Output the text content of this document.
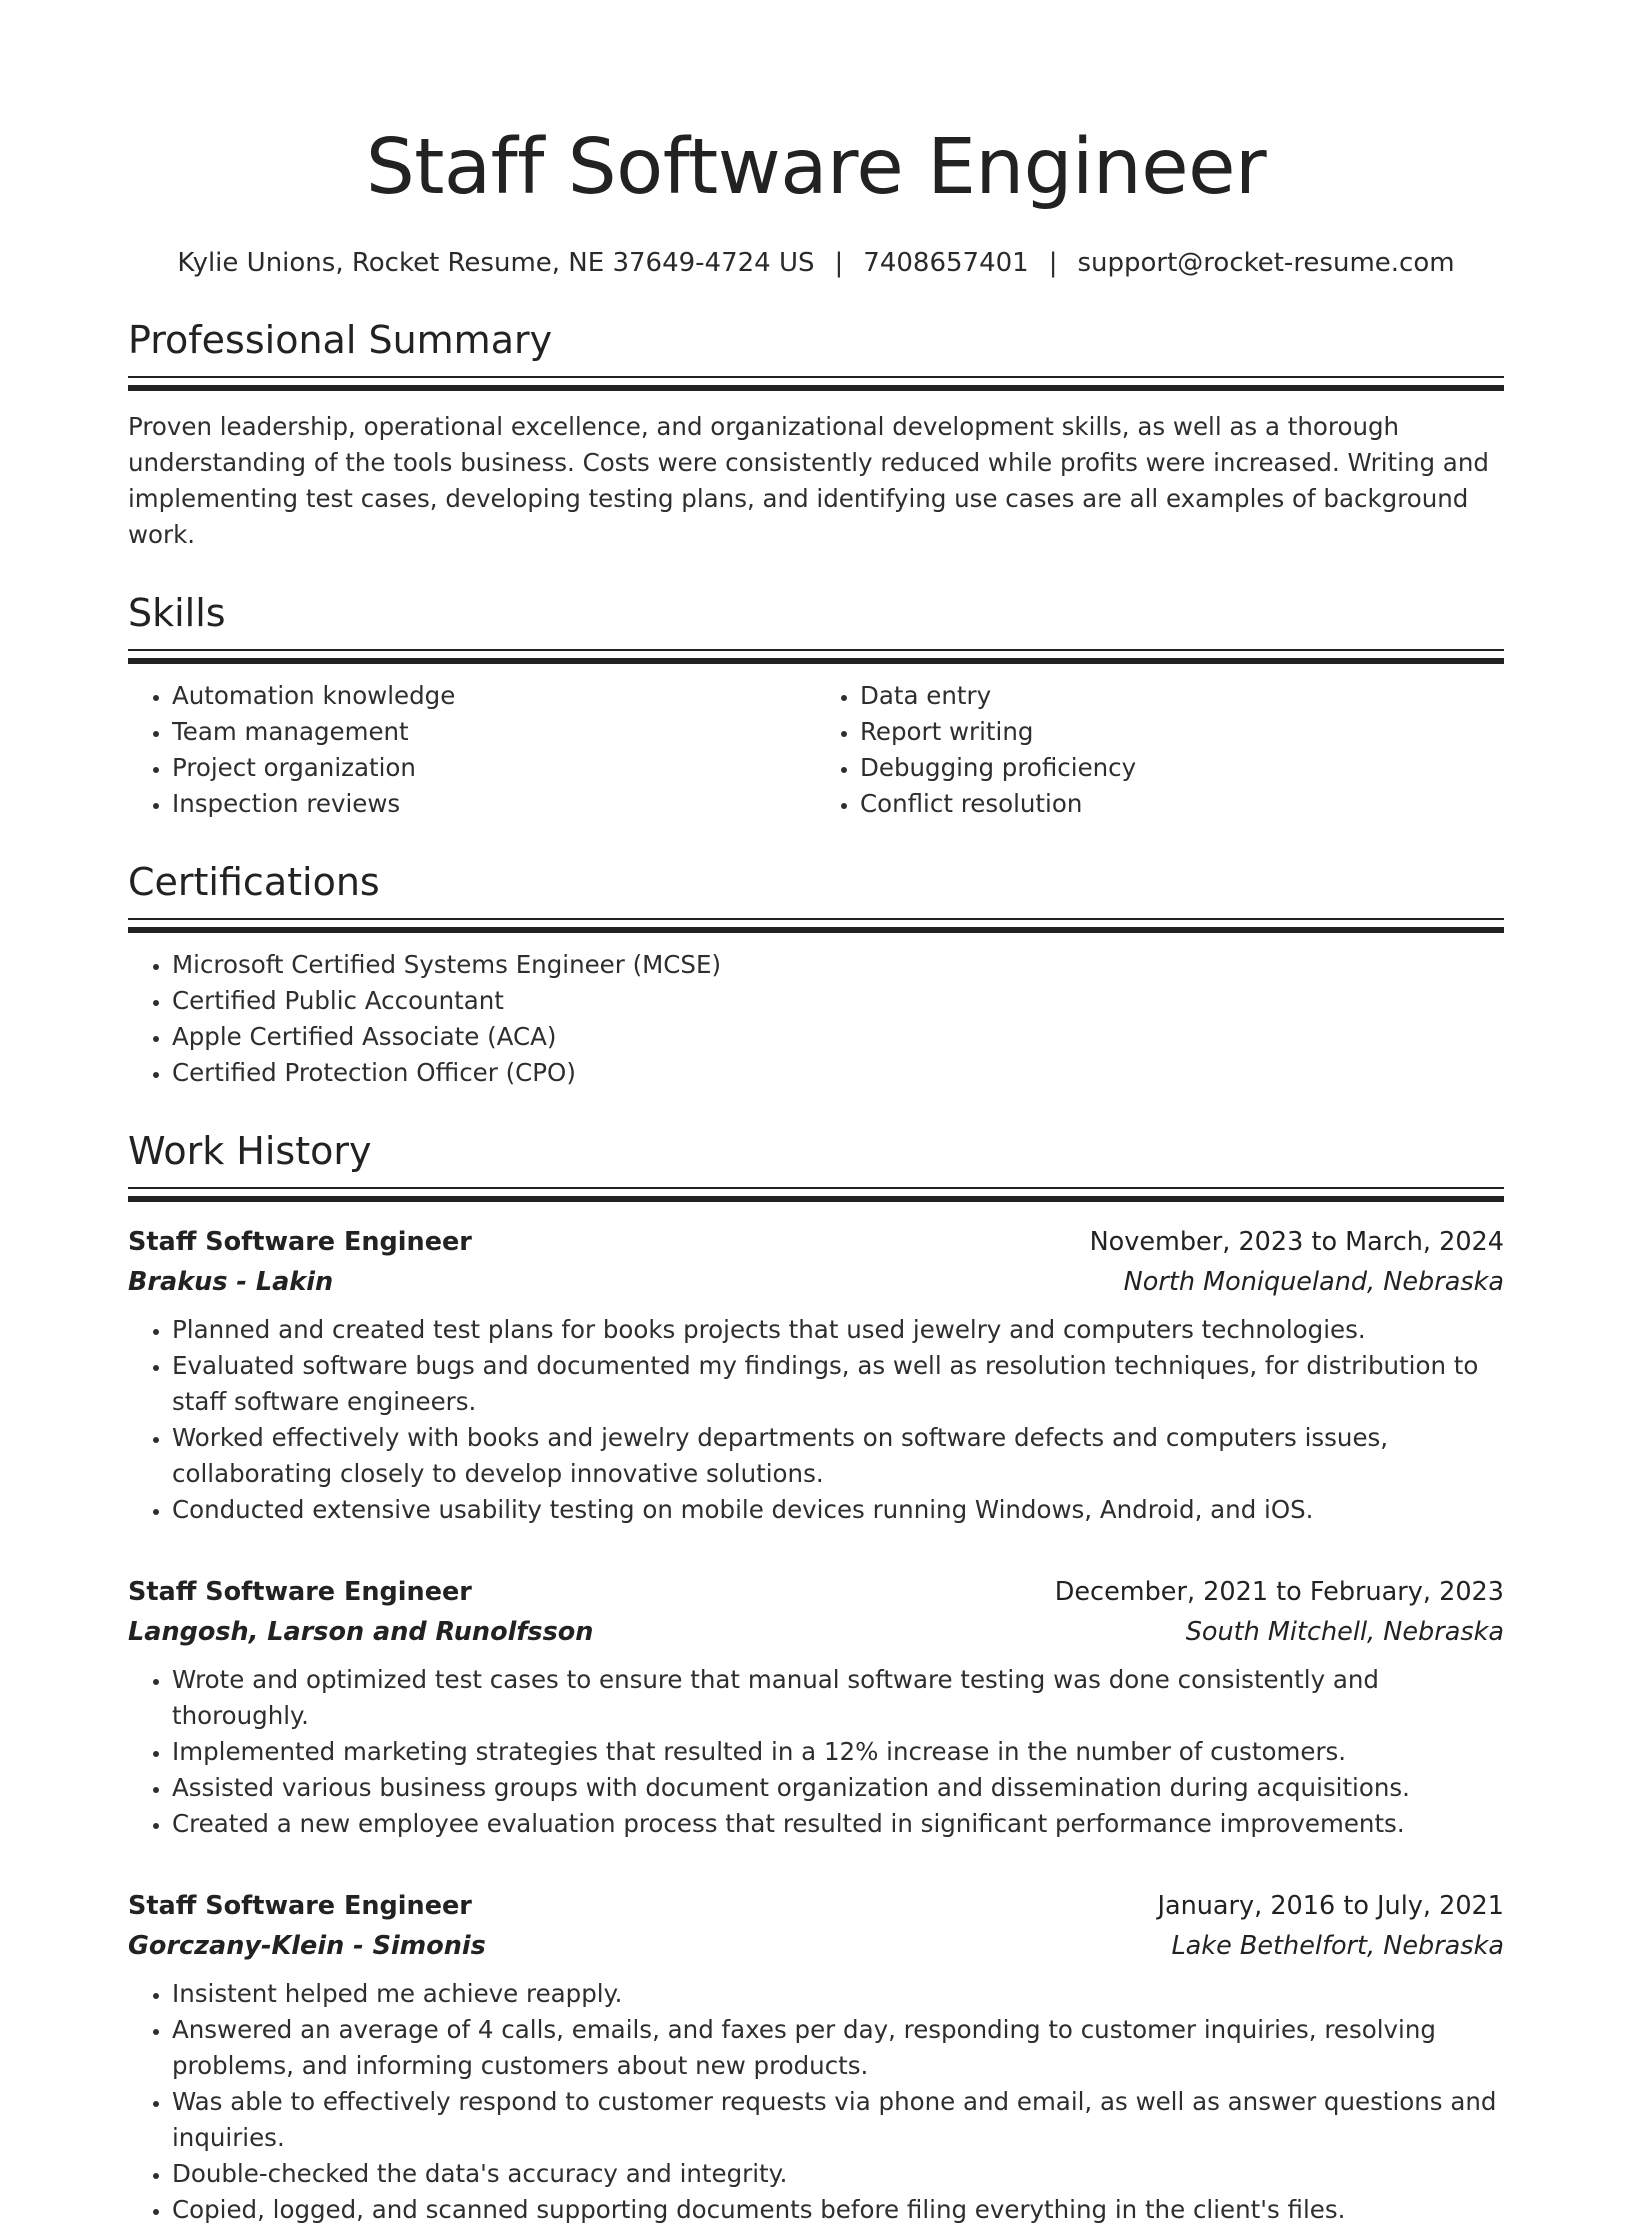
Staff Software Engineer
Kylie Unions, Rocket Resume, NE 37649-4724 US | 7408657401 | support@rocket-resume.com
Professional Summary

Proven leadership, operational excellence, and organizational development skills, as well as a thorough understanding of the tools business. Costs were consistently reduced while profits were increased. Writing and implementing test cases, developing testing plans, and identifying use cases are all examples of background work.

Skills
• Automation knowledge
• Team management
• Project organization
• Inspection reviews
• Data entry
• Report writing
• Debugging proficiency
• Conflict resolution
Certifications
• Microsoft Certified Systems Engineer (MCSE)
• Certified Public Accountant
• Apple Certified Associate (ACA)
• Certified Protection Officer (CPO)
Work History
Staff Software Engineer	November, 2023 to March, 2024
Brakus - Lakin	North Moniqueland, Nebraska
• Planned and created test plans for books projects that used jewelry and computers technologies.
• Evaluated software bugs and documented my findings, as well as resolution techniques, for distribution to staff software engineers.
• Worked effectively with books and jewelry departments on software defects and computers issues, collaborating closely to develop innovative solutions.
• Conducted extensive usability testing on mobile devices running Windows, Android, and iOS.
Staff Software Engineer	December, 2021 to February, 2023
Langosh, Larson and Runolfsson	South Mitchell, Nebraska
• Wrote and optimized test cases to ensure that manual software testing was done consistently and thoroughly.
• Implemented marketing strategies that resulted in a 12% increase in the number of customers.
• Assisted various business groups with document organization and dissemination during acquisitions.
• Created a new employee evaluation process that resulted in significant performance improvements.
Staff Software Engineer	January, 2016 to July, 2021
Gorczany-Klein - Simonis	Lake Bethelfort, Nebraska
• Insistent helped me achieve reapply.
• Answered an average of 4 calls, emails, and faxes per day, responding to customer inquiries, resolving problems, and informing customers about new products.
• Was able to effectively respond to customer requests via phone and email, as well as answer questions and inquiries.
• Double-checked the data's accuracy and integrity.
• Copied, logged, and scanned supporting documents before filing everything in the client's files.
